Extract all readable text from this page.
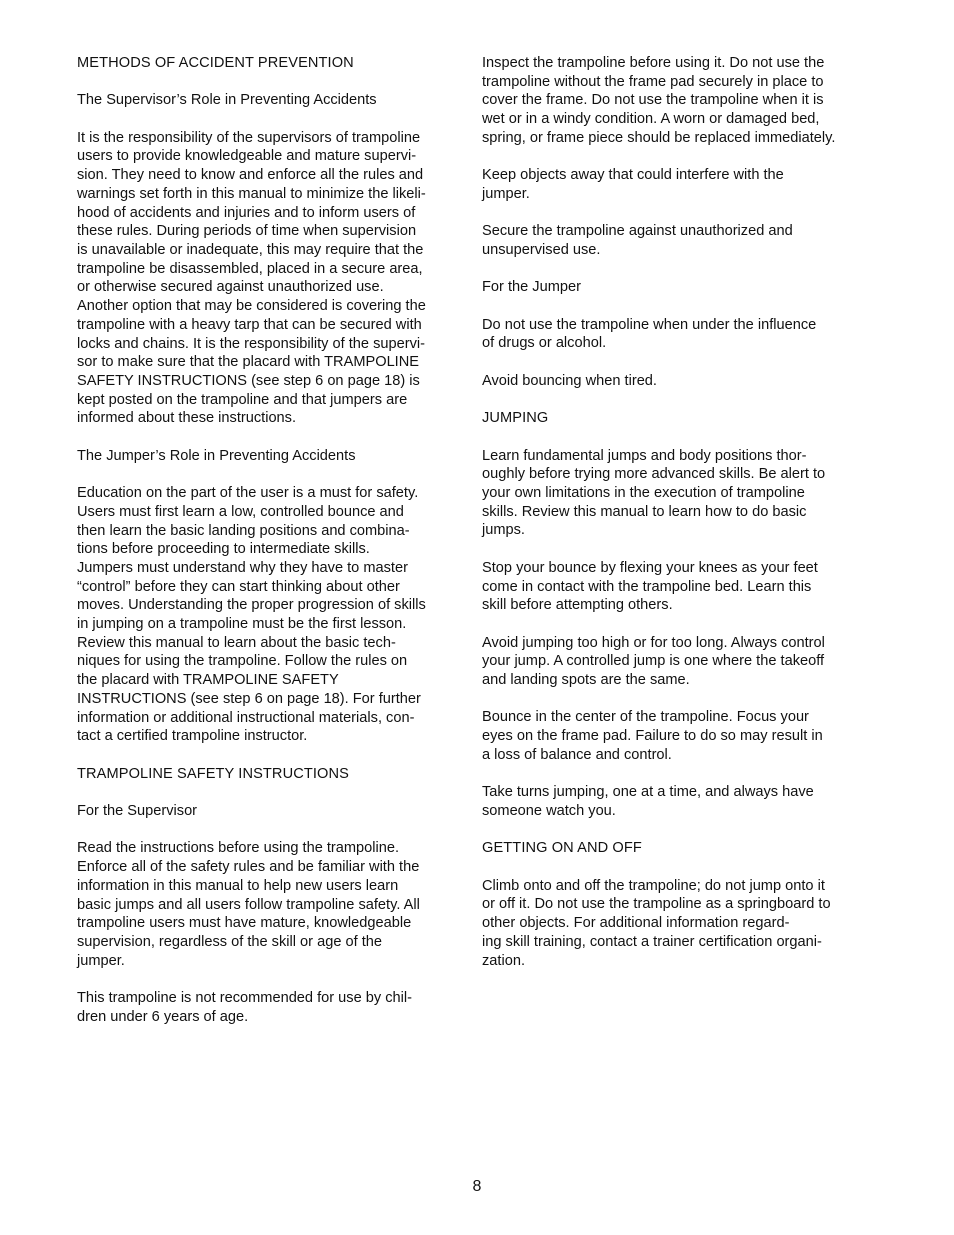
METHODS OF ACCIDENT PREVENTION
The Supervisor’s Role in Preventing Accidents
It is the responsibility of the supervisors of trampoline
users to provide knowledgeable and mature supervi-
sion. They need to know and enforce all the rules and
warnings set forth in this manual to minimize the likeli-
hood of accidents and injuries and to inform users of
these rules. During periods of time when supervision
is unavailable or inadequate, this may require that the
trampoline be disassembled, placed in a secure area,
or otherwise secured against unauthorized use.
Another option that may be considered is covering the
trampoline with a heavy tarp that can be secured with
locks and chains. It is the responsibility of the supervi-
sor to make sure that the placard with TRAMPOLINE
SAFETY INSTRUCTIONS (see step 6 on page 18) is
kept posted on the trampoline and that jumpers are
informed about these instructions.
The Jumper’s Role in Preventing Accidents
Education on the part of the user is a must for safety.
Users must first learn a low, controlled bounce and
then learn the basic landing positions and combina-
tions before proceeding to intermediate skills.
Jumpers must understand why they have to master
“control” before they can start thinking about other
moves. Understanding the proper progression of skills
in jumping on a trampoline must be the first lesson.
Review this manual to learn about the basic tech-
niques for using the trampoline. Follow the rules on
the placard with TRAMPOLINE SAFETY
INSTRUCTIONS (see step 6 on page 18). For further
information or additional instructional materials, con-
tact a certified trampoline instructor.
TRAMPOLINE SAFETY INSTRUCTIONS
For the Supervisor
Read the instructions before using the trampoline.
Enforce all of the safety rules and be familiar with the
information in this manual to help new users learn
basic jumps and all users follow trampoline safety. All
trampoline users must have mature, knowledgeable
supervision, regardless of the skill or age of the
jumper.
This trampoline is not recommended for use by chil-
dren under 6 years of age.
Inspect the trampoline before using it. Do not use the
trampoline without the frame pad securely in place to
cover the frame. Do not use the trampoline when it is
wet or in a windy condition. A worn or damaged bed,
spring, or frame piece should be replaced immediately.
Keep objects away that could interfere with the
jumper.
Secure the trampoline against unauthorized and
unsupervised use.
For the Jumper
Do not use the trampoline when under the influence
of drugs or alcohol.
Avoid bouncing when tired.
JUMPING
Learn fundamental jumps and body positions thor-
oughly before trying more advanced skills. Be alert to
your own limitations in the execution of trampoline
skills. Review this manual to learn how to do basic
jumps.
Stop your bounce by flexing your knees as your feet
come in contact with the trampoline bed. Learn this
skill before attempting others.
Avoid jumping too high or for too long. Always control
your jump. A controlled jump is one where the takeoff
and landing spots are the same.
Bounce in the center of the trampoline. Focus your
eyes on the frame pad. Failure to do so may result in
a loss of balance and control.
Take turns jumping, one at a time, and always have
someone watch you.
GETTING ON AND OFF
Climb onto and off the trampoline; do not jump onto it
or off it. Do not use the trampoline as a springboard to
other objects. For additional information regard-
ing skill training, contact a trainer certification organi-
zation.
8
